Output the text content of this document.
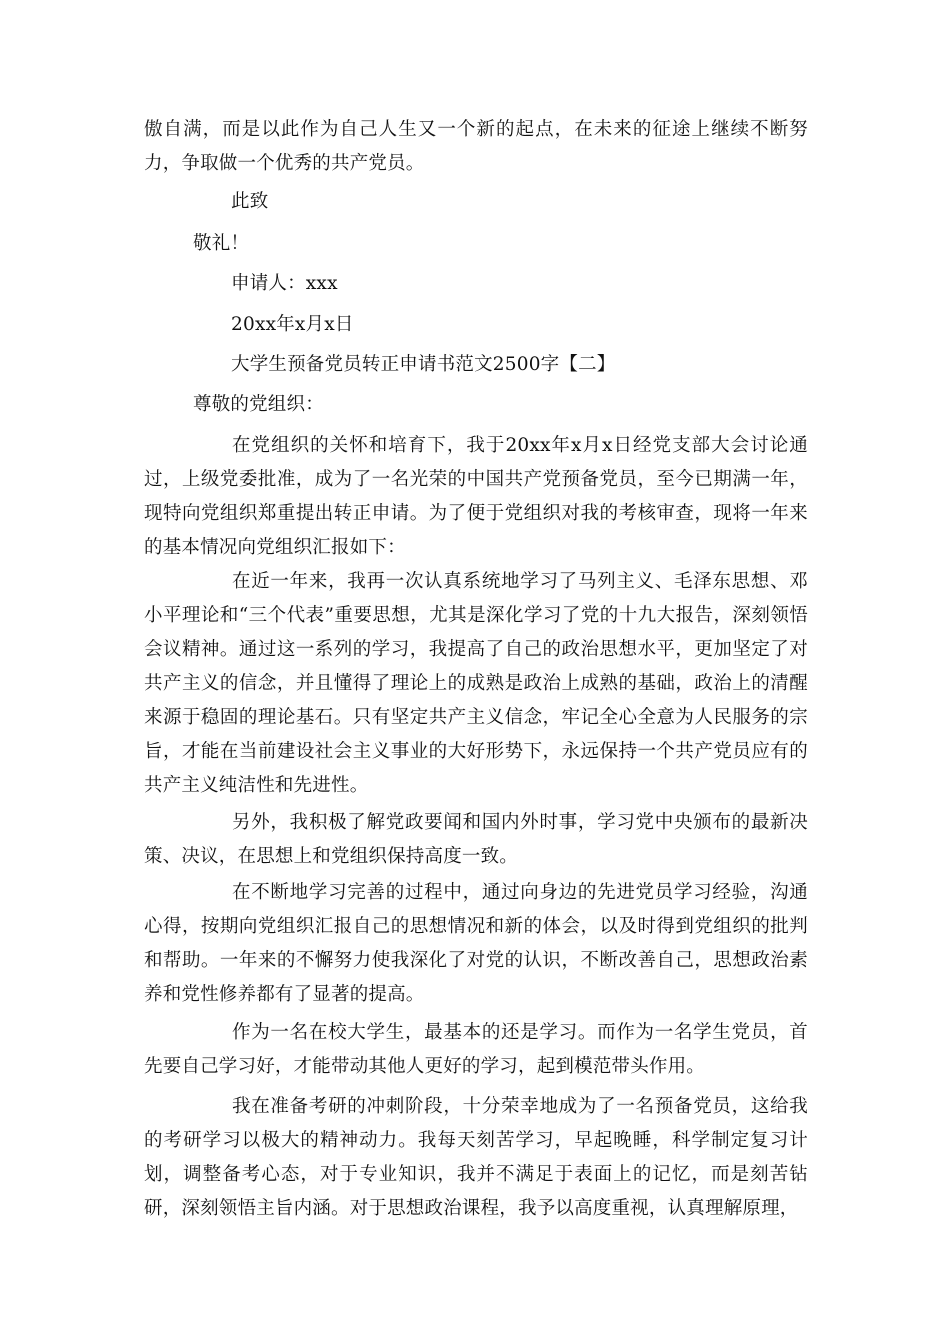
傲自满，而是以此作为自己人生又一个新的起点，在未来的征途上继续不断努力，争取做一个优秀的共产党员。
此致
敬礼！
申请人：xxx
20xx年x月x日
大学生预备党员转正申请书范文2500字【二】
尊敬的党组织：
在党组织的关怀和培育下，我于20xx年x月x日经党支部大会讨论通过，上级党委批准，成为了一名光荣的中国共产党预备党员，至今已期满一年，现特向党组织郑重提出转正申请。为了便于党组织对我的考核审查，现将一年来的基本情况向党组织汇报如下：
在近一年来，我再一次认真系统地学习了马列主义、毛泽东思想、邓小平理论和“三个代表”重要思想，尤其是深化学习了党的十九大报告，深刻领悟会议精神。通过这一系列的学习，我提高了自己的政治思想水平，更加坚定了对共产主义的信念，并且懂得了理论上的成熟是政治上成熟的基础，政治上的清醒来源于稳固的理论基石。只有坚定共产主义信念，牢记全心全意为人民服务的宗旨，才能在当前建设社会主义事业的大好形势下，永远保持一个共产党员应有的共产主义纯洁性和先进性。
另外，我积极了解党政要闻和国内外时事，学习党中央颁布的最新决策、决议，在思想上和党组织保持高度一致。
在不断地学习完善的过程中，通过向身边的先进党员学习经验，沟通心得，按期向党组织汇报自己的思想情况和新的体会，以及时得到党组织的批判和帮助。一年来的不懈努力使我深化了对党的认识，不断改善自己，思想政治素养和党性修养都有了显著的提高。
作为一名在校大学生，最基本的还是学习。而作为一名学生党员，首先要自己学习好，才能带动其他人更好的学习，起到模范带头作用。
我在准备考研的冲刺阶段，十分荣幸地成为了一名预备党员，这给我的考研学习以极大的精神动力。我每天刻苦学习，早起晚睡，科学制定复习计划，调整备考心态，对于专业知识，我并不满足于表面上的记忆，而是刻苦钻研，深刻领悟主旨内涵。对于思想政治课程，我予以高度重视，认真理解原理，
